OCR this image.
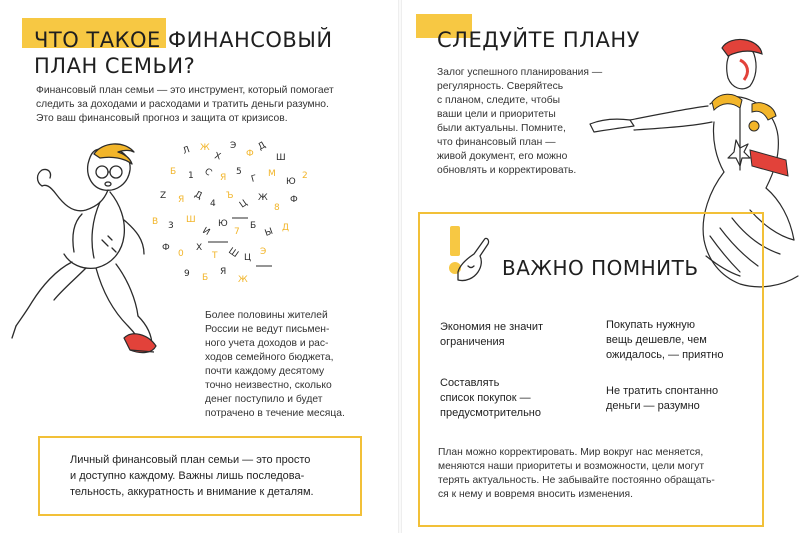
ЧТО ТАКОЕ ФИНАНСОВЫЙ
ПЛАН СЕМЬИ?
Финансовый план семьи — это инструмент, который помогает
следить за доходами и расходами и тратить деньги разумно.
Это ваш финансовый прогноз и защита от кризисов.
Л Ж
Х
Э
Ф
Д
Ш
Б 1 С Я
5
Г М
Ю
2
Z Я Д
4
Ъ
Ц
Ж
8
Ф
В 3
Ш
И
Ю
7
Б
Ы Д
Ф
0
Х
Т Ш Ц
Э
9 Б
Я
Ж
Более половины жителей
России не ведут письмен-
ного учета доходов и рас-
ходов семейного бюджета,
почти каждому десятому
точно неизвестно, сколько
денег поступило и будет
потрачено в течение месяца.
Личный финансовый план семьи — это просто
и доступно каждому. Важны лишь последова-
тельность, аккуратность и внимание к деталям.
СЛЕДУЙТЕ ПЛАНУ
Залог успешного планирования —
регулярность. Сверяйтесь
с планом, следите, чтобы
ваши цели и приоритеты
были актуальны. Помните,
что финансовый план —
живой документ, его можно
обновлять и корректировать.
ВАЖНО ПОМНИТЬ
Экономия не значит
ограничения
Покупать нужную
вещь дешевле, чем
ожидалось, — приятно
Составлять
список покупок —
предусмотрительно
Не тратить спонтанно
деньги — разумно
План можно корректировать. Мир вокруг нас меняется,
меняются наши приоритеты и возможности, цели могут
терять актуальность. Не забывайте постоянно обращать-
ся к нему и вовремя вносить изменения.
